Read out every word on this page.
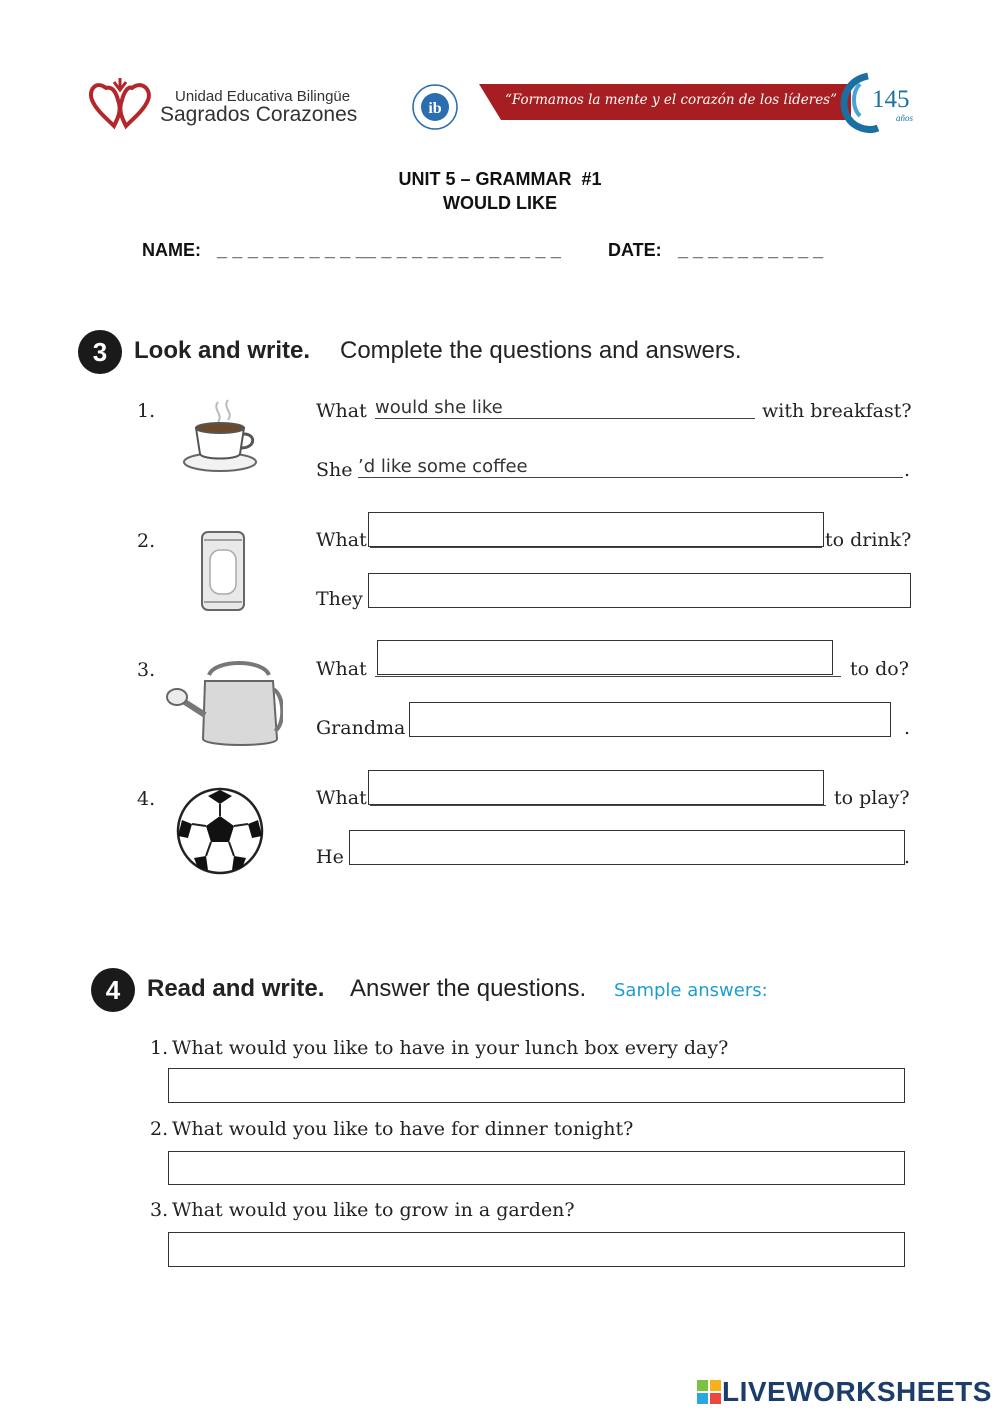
Unidad Educativa Bilingüe
Sagrados Corazones	ib	“Formamos la mente y el corazón de los líderes” 145
años
UNIT 5 – GRAMMAR  #1
WOULD LIKE
NAME: _ _ _ _ _ _ _ _ _ __ _ _ _ _ _ _ _ _ _ _ _ _	DATE: _ _ _ _ _ _ _ _ _ _
3	Look and write. Complete the questions and answers.
1.	What would she like	with breakfast?
She ’d like some coffee	.
2.	What	to drink?
They
3.	What	to do?
Grandma	.
4.	What	to play?
He	.
4	Read and write. Answer the questions. Sample answers:
1. What would you like to have in your lunch box every day?
2. What would you like to have for dinner tonight?
3. What would you like to grow in a garden?
LIVEWORKSHEETS
